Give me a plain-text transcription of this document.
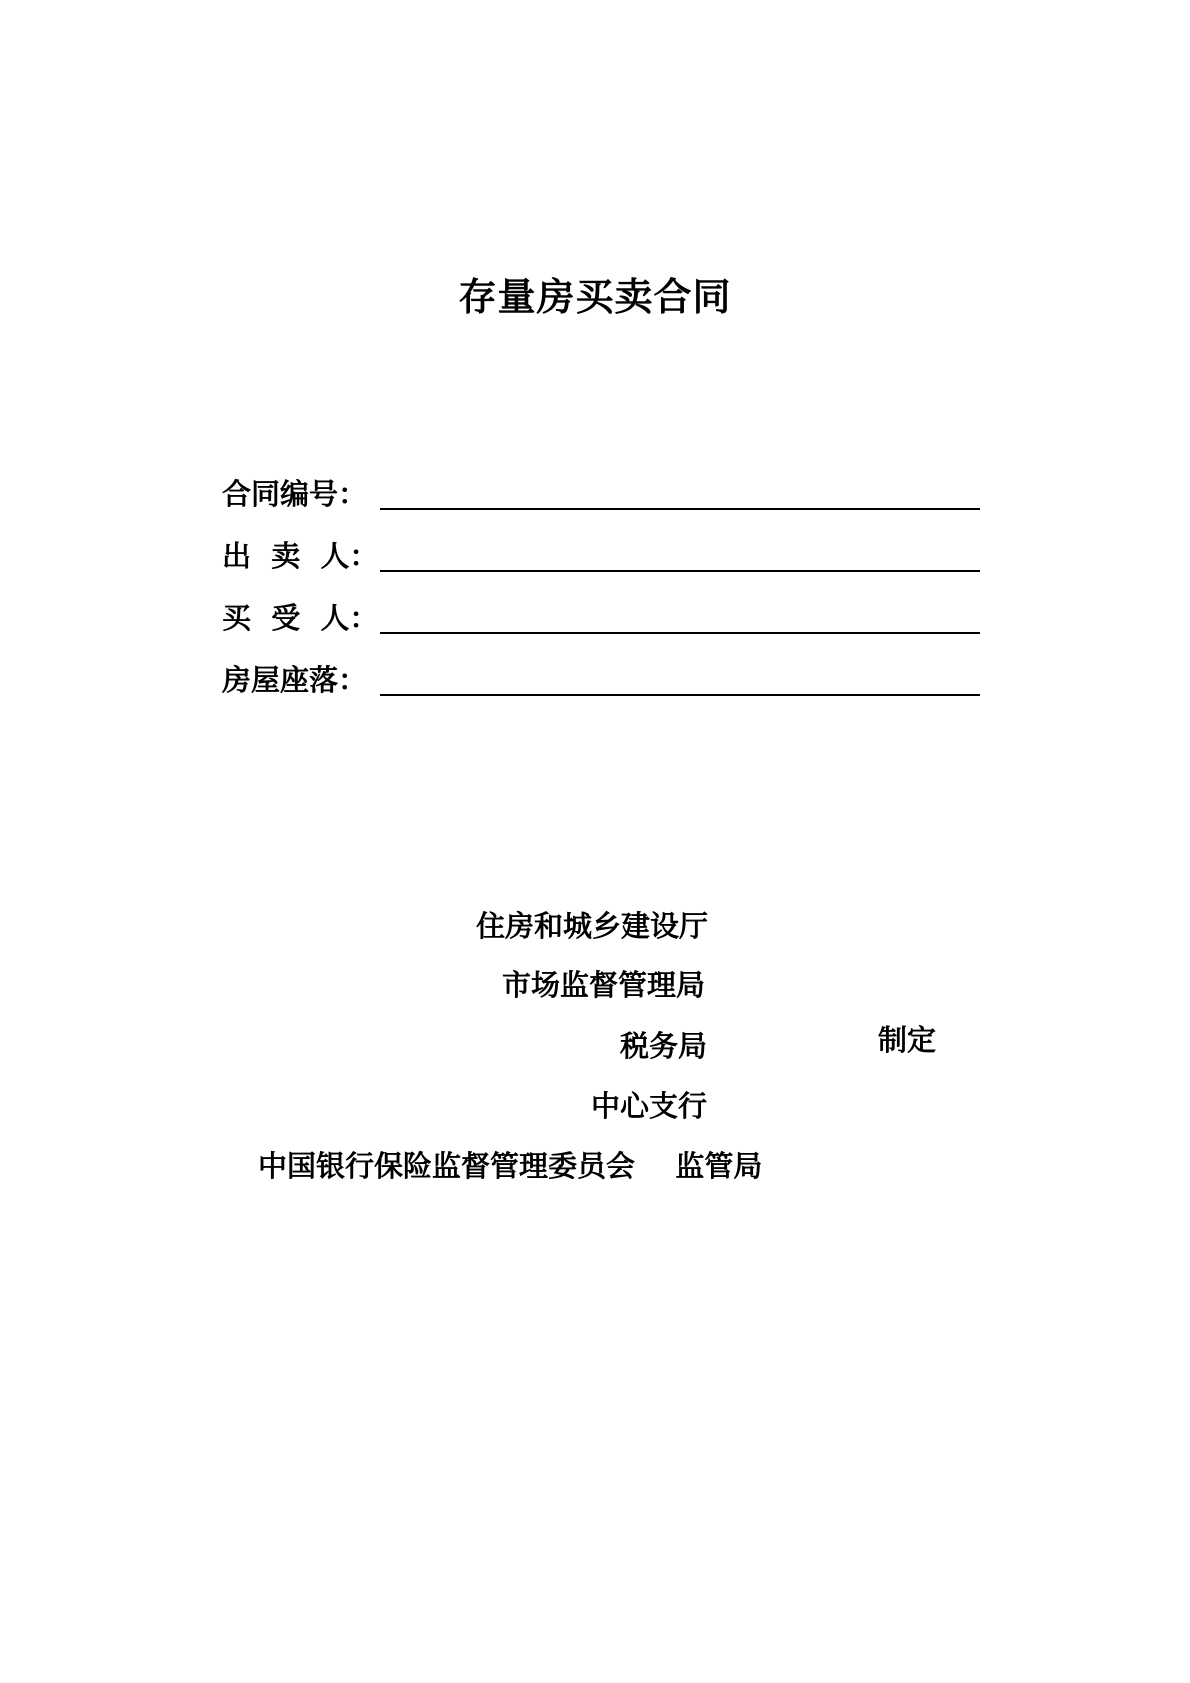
存量房买卖合同
合同编号：
出  卖  人：
买  受  人：
房屋座落：
住房和城乡建设厅
市场监督管理局
税务局
中心支行
中国银行保险监督管理委员会    监管局
制定
